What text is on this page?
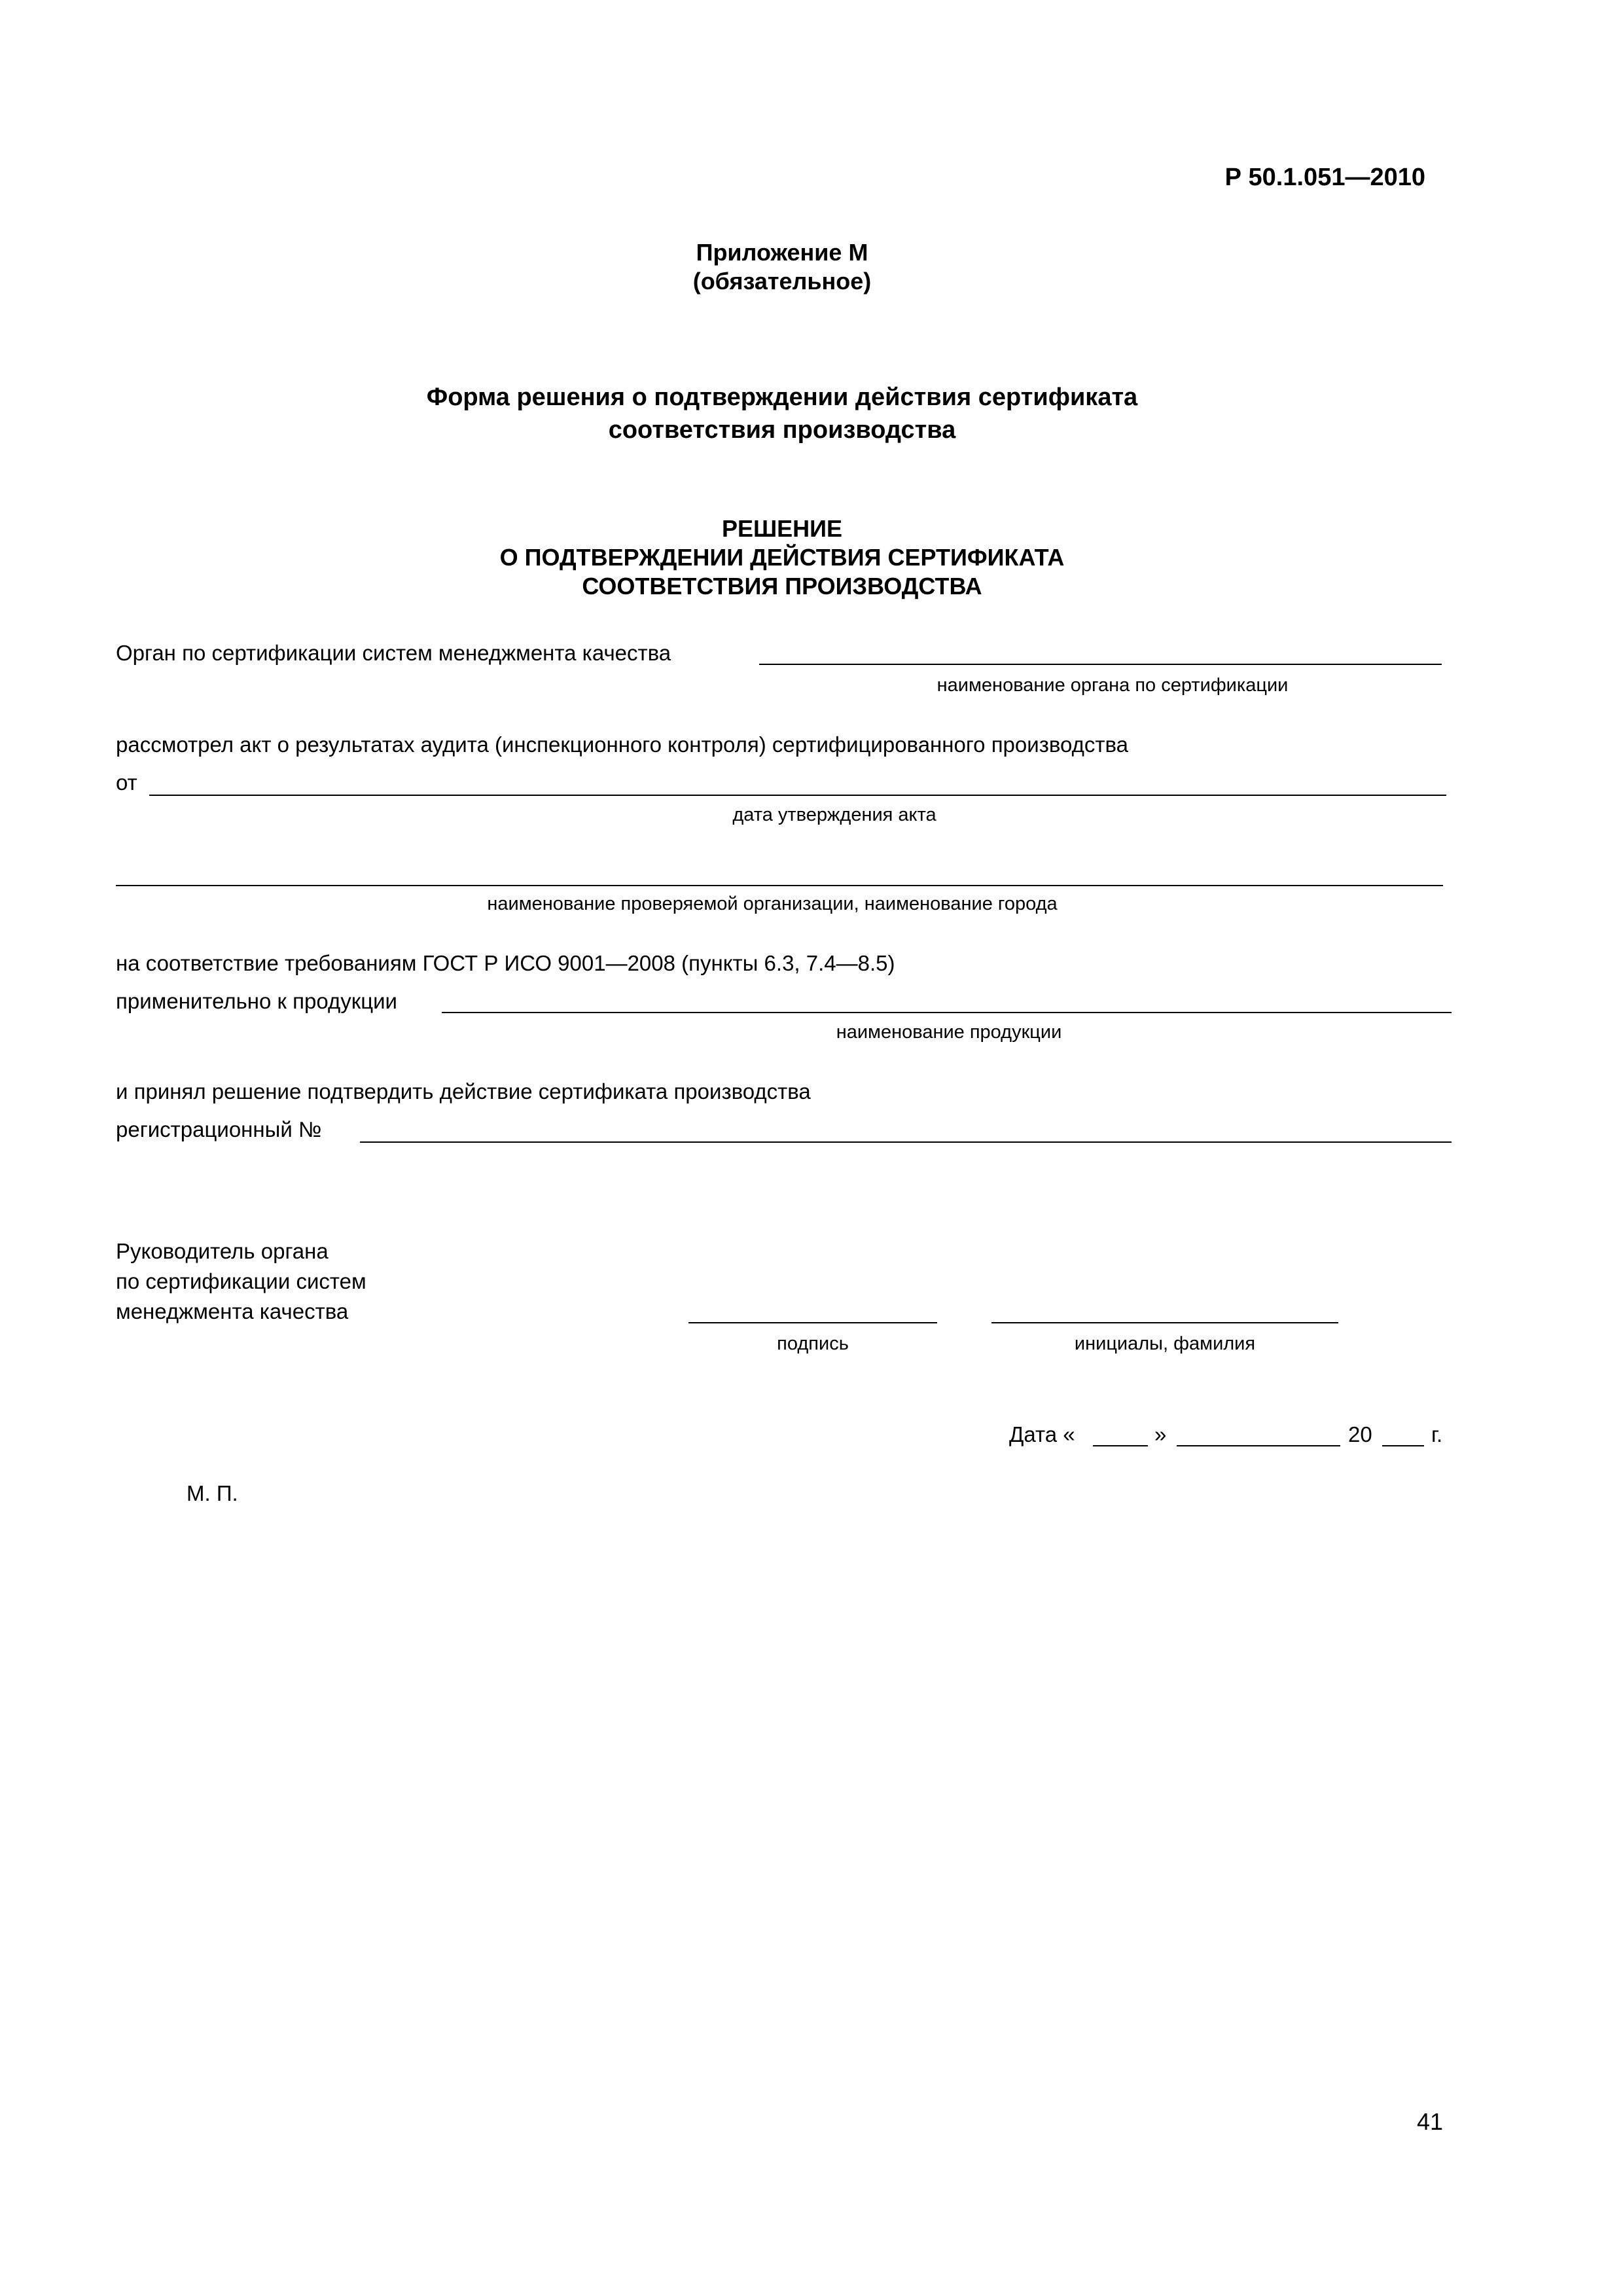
Р 50.1.051—2010
Приложение М
(обязательное)
Форма решения о подтверждении действия сертификата
соответствия производства
РЕШЕНИЕ
О ПОДТВЕРЖДЕНИИ ДЕЙСТВИЯ СЕРТИФИКАТА
СООТВЕТСТВИЯ ПРОИЗВОДСТВА
Орган по сертификации систем менеджмента качества
наименование органа по сертификации
рассмотрел акт о результатах аудита (инспекционного контроля) сертифицированного производства
от
дата утверждения акта
наименование проверяемой организации, наименование города
на соответствие требованиям ГОСТ Р ИСО 9001—2008 (пункты 6.3, 7.4—8.5)
применительно к продукции
наименование продукции
и принял решение подтвердить действие сертификата производства
регистрационный №
Руководитель органа
по сертификации систем
менеджмента качества
подпись	инициалы, фамилия
Дата «	»	20	г.
М. П.
41
